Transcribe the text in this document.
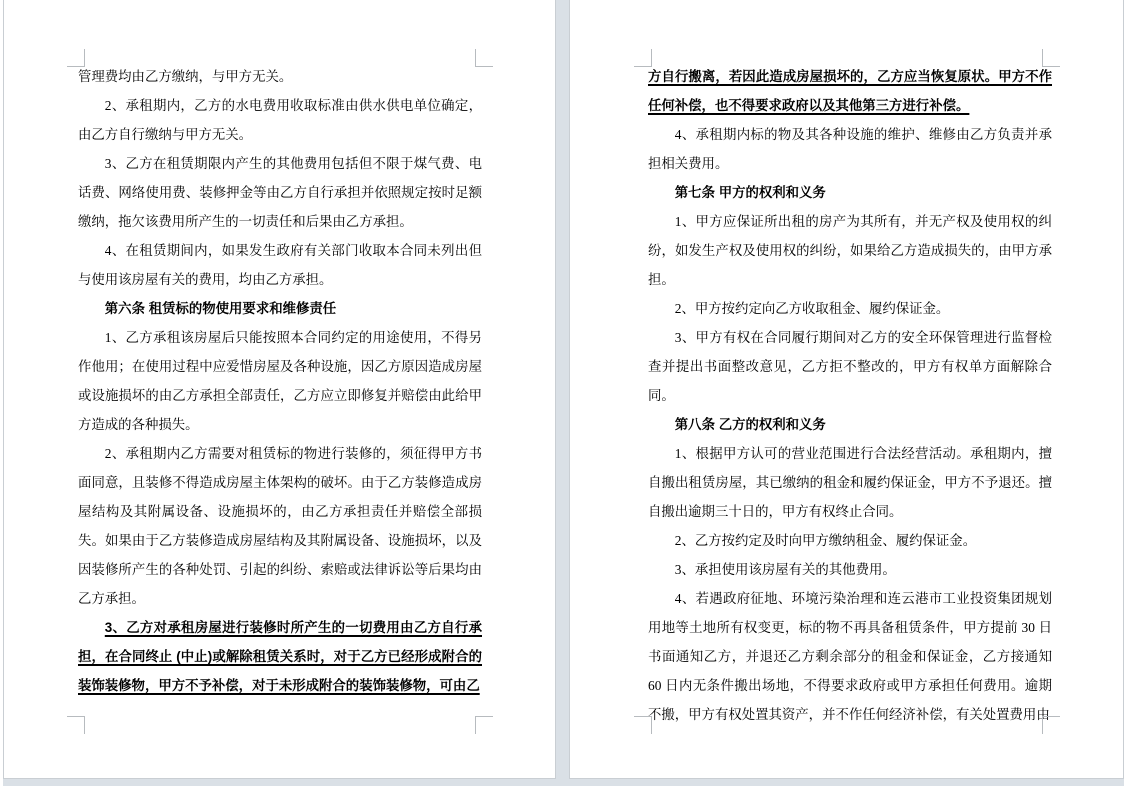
管理费均由乙方缴纳，与甲方无关。
2、承租期内，乙方的水电费用收取标准由供水供电单位确定，由乙方自行缴纳与甲方无关。
3、乙方在租赁期限内产生的其他费用包括但不限于煤气费、电话费、网络使用费、装修押金等由乙方自行承担并依照规定按时足额缴纳，拖欠该费用所产生的一切责任和后果由乙方承担。
4、在租赁期间内，如果发生政府有关部门收取本合同未列出但与使用该房屋有关的费用，均由乙方承担。
第六条 租赁标的物使用要求和维修责任
1、乙方承租该房屋后只能按照本合同约定的用途使用，不得另作他用；在使用过程中应爱惜房屋及各种设施，因乙方原因造成房屋或设施损坏的由乙方承担全部责任，乙方应立即修复并赔偿由此给甲方造成的各种损失。
2、承租期内乙方需要对租赁标的物进行装修的，须征得甲方书面同意，且装修不得造成房屋主体架构的破坏。由于乙方装修造成房屋结构及其附属设备、设施损坏的，由乙方承担责任并赔偿全部损失。如果由于乙方装修造成房屋结构及其附属设备、设施损坏，以及因装修所产生的各种处罚、引起的纠纷、索赔或法律诉讼等后果均由乙方承担。
3、乙方对承租房屋进行装修时所产生的一切费用由乙方自行承担，在合同终止 (中止)或解除租赁关系时，对于乙方已经形成附合的装饰装修物，甲方不予补偿，对于未形成附合的装饰装修物，可由乙
方自行搬离，若因此造成房屋损坏的，乙方应当恢复原状。甲方不作任何补偿，也不得要求政府以及其他第三方进行补偿。
4、承租期内标的物及其各种设施的维护、维修由乙方负责并承担相关费用。
第七条 甲方的权利和义务
1、甲方应保证所出租的房产为其所有，并无产权及使用权的纠纷，如发生产权及使用权的纠纷，如果给乙方造成损失的，由甲方承担。
2、甲方按约定向乙方收取租金、履约保证金。
3、甲方有权在合同履行期间对乙方的安全环保管理进行监督检查并提出书面整改意见，乙方拒不整改的，甲方有权单方面解除合同。
第八条 乙方的权利和义务
1、根据甲方认可的营业范围进行合法经营活动。承租期内，擅自搬出租赁房屋，其已缴纳的租金和履约保证金，甲方不予退还。擅自搬出逾期三十日的，甲方有权终止合同。
2、乙方按约定及时向甲方缴纳租金、履约保证金。
3、承担使用该房屋有关的其他费用。
4、若遇政府征地、环境污染治理和连云港市工业投资集团规划用地等土地所有权变更，标的物不再具备租赁条件，甲方提前 30 日书面通知乙方，并退还乙方剩余部分的租金和保证金，乙方接通知 60 日内无条件搬出场地，不得要求政府或甲方承担任何费用。逾期不搬，甲方有权处置其资产，并不作任何经济补偿，有关处置费用由
